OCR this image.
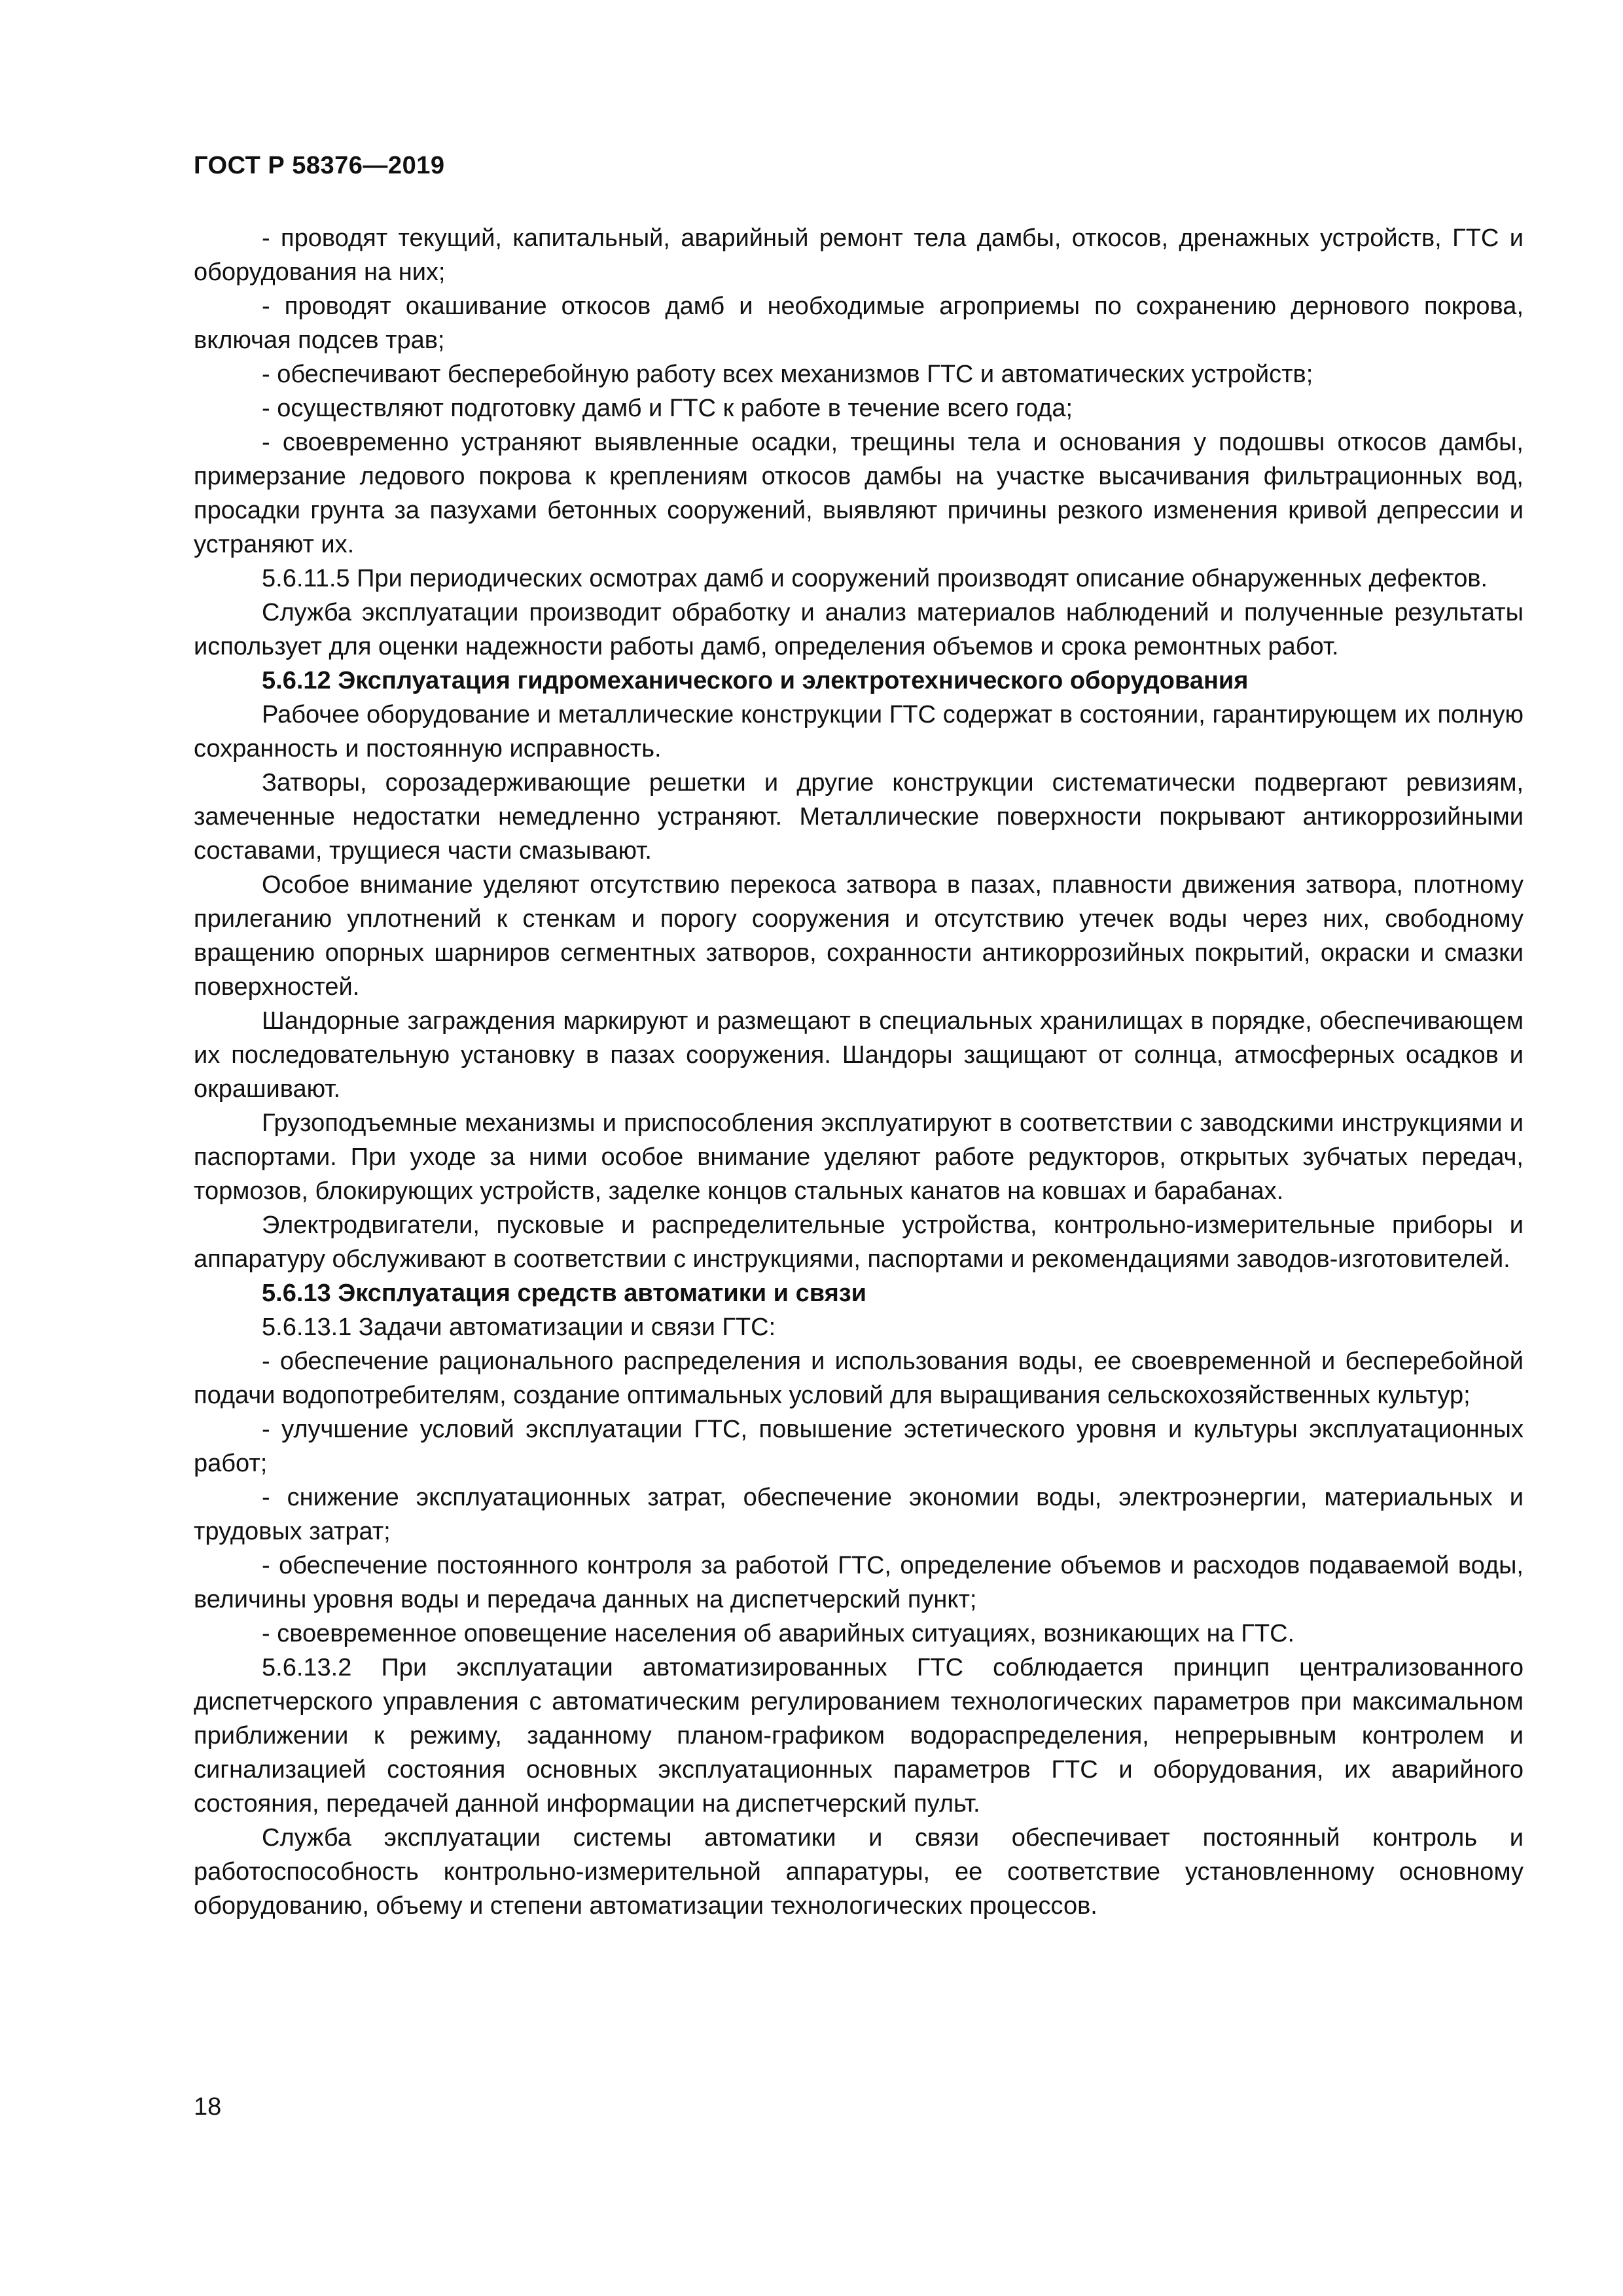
ГОСТ Р 58376—2019

- проводят текущий, капитальный, аварийный ремонт тела дамбы, откосов, дренажных устройств, ГТС и оборудования на них;

- проводят окашивание откосов дамб и необходимые агроприемы по сохранению дернового покрова, включая подсев трав;

- обеспечивают бесперебойную работу всех механизмов ГТС и автоматических устройств;

- осуществляют подготовку дамб и ГТС к работе в течение всего года;

- своевременно устраняют выявленные осадки, трещины тела и основания у подошвы откосов дамбы, примерзание ледового покрова к креплениям откосов дамбы на участке высачивания фильтрационных вод, просадки грунта за пазухами бетонных сооружений, выявляют причины резкого изменения кривой депрессии и устраняют их.

5.6.11.5 При периодических осмотрах дамб и сооружений производят описание обнаруженных дефектов.

Служба эксплуатации производит обработку и анализ материалов наблюдений и полученные результаты использует для оценки надежности работы дамб, определения объемов и срока ремонтных работ.

5.6.12 Эксплуатация гидромеханического и электротехнического оборудования

Рабочее оборудование и металлические конструкции ГТС содержат в состоянии, гарантирующем их полную сохранность и постоянную исправность.

Затворы, сорозадерживающие решетки и другие конструкции систематически подвергают ревизиям, замеченные недостатки немедленно устраняют. Металлические поверхности покрывают антикоррозийными составами, трущиеся части смазывают.

Особое внимание уделяют отсутствию перекоса затвора в пазах, плавности движения затвора, плотному прилеганию уплотнений к стенкам и порогу сооружения и отсутствию утечек воды через них, свободному вращению опорных шарниров сегментных затворов, сохранности антикоррозийных покрытий, окраски и смазки поверхностей.

Шандорные заграждения маркируют и размещают в специальных хранилищах в порядке, обеспечивающем их последовательную установку в пазах сооружения. Шандоры защищают от солнца, атмосферных осадков и окрашивают.

Грузоподъемные механизмы и приспособления эксплуатируют в соответствии с заводскими инструкциями и паспортами. При уходе за ними особое внимание уделяют работе редукторов, открытых зубчатых передач, тормозов, блокирующих устройств, заделке концов стальных канатов на ковшах и барабанах.

Электродвигатели, пусковые и распределительные устройства, контрольно-измерительные приборы и аппаратуру обслуживают в соответствии с инструкциями, паспортами и рекомендациями заводов-изготовителей.

5.6.13 Эксплуатация средств автоматики и связи

5.6.13.1 Задачи автоматизации и связи ГТС:

- обеспечение рационального распределения и использования воды, ее своевременной и бесперебойной подачи водопотребителям, создание оптимальных условий для выращивания сельскохозяйственных культур;

- улучшение условий эксплуатации ГТС, повышение эстетического уровня и культуры эксплуатационных работ;

- снижение эксплуатационных затрат, обеспечение экономии воды, электроэнергии, материальных и трудовых затрат;

- обеспечение постоянного контроля за работой ГТС, определение объемов и расходов подаваемой воды, величины уровня воды и передача данных на диспетчерский пункт;

- своевременное оповещение населения об аварийных ситуациях, возникающих на ГТС.

5.6.13.2 При эксплуатации автоматизированных ГТС соблюдается принцип централизованного диспетчерского управления с автоматическим регулированием технологических параметров при максимальном приближении к режиму, заданному планом-графиком водораспределения, непрерывным контролем и сигнализацией состояния основных эксплуатационных параметров ГТС и оборудования, их аварийного состояния, передачей данной информации на диспетчерский пульт.

Служба эксплуатации системы автоматики и связи обеспечивает постоянный контроль и работоспособность контрольно-измерительной аппаратуры, ее соответствие установленному основному оборудованию, объему и степени автоматизации технологических процессов.

18
